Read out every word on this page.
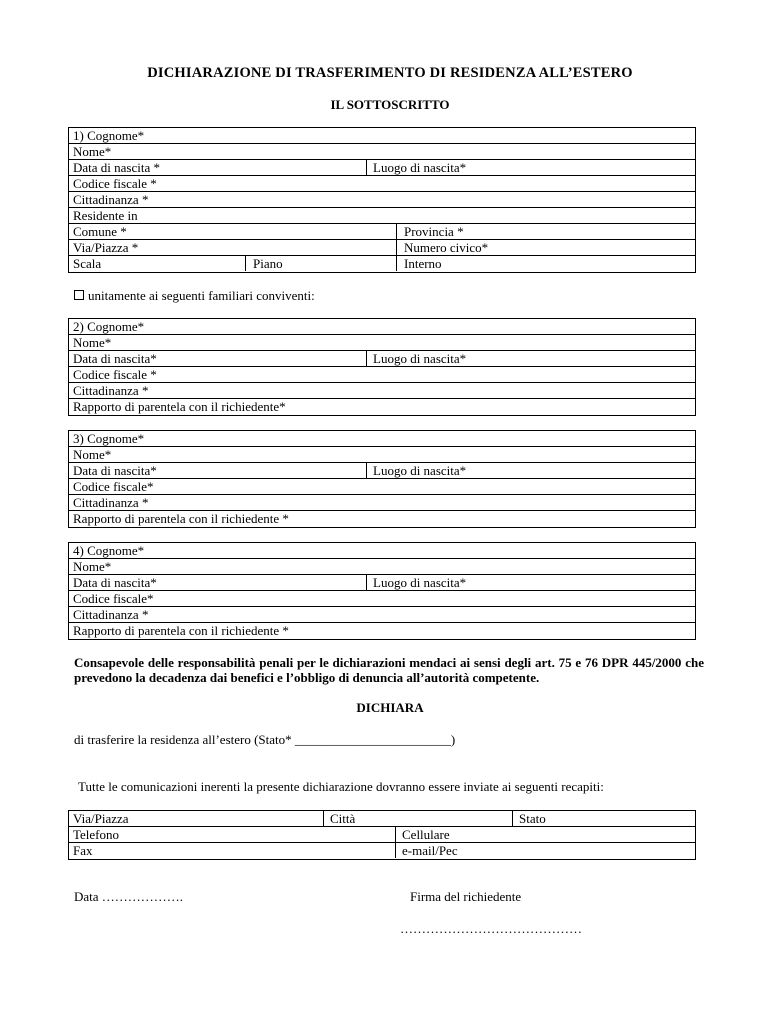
DICHIARAZIONE DI TRASFERIMENTO DI RESIDENZA ALL’ESTERO
IL SOTTOSCRITTO
1) Cognome*
Nome*
Data di nascita *	Luogo di nascita*
Codice fiscale *
Cittadinanza *
Residente in
Comune *	Provincia *
Via/Piazza *	Numero civico*
Scala	Piano	Interno
unitamente ai seguenti familiari conviventi:
2) Cognome*
Nome*
Data di nascita*	Luogo di nascita*
Codice fiscale *
Cittadinanza *
Rapporto di parentela con il richiedente*
3) Cognome*
Nome*
Data di nascita*	Luogo di nascita*
Codice fiscale*
Cittadinanza *
Rapporto di parentela con il richiedente *
4) Cognome*
Nome*
Data di nascita*	Luogo di nascita*
Codice fiscale*
Cittadinanza *
Rapporto di parentela con il richiedente *
Consapevole delle responsabilità penali per le dichiarazioni mendaci ai sensi degli art. 75 e 76 DPR 445/2000 che prevedono la decadenza dai benefici e l’obbligo di denuncia all’autorità competente.
DICHIARA
di trasferire la residenza all’estero (Stato* ________________________)
Tutte le comunicazioni inerenti la presente dichiarazione dovranno essere inviate ai seguenti recapiti:
Via/Piazza	Città	Stato
Telefono	Cellulare
Fax	e-mail/Pec
Data ……………….	Firma del richiedente
……………………………………
